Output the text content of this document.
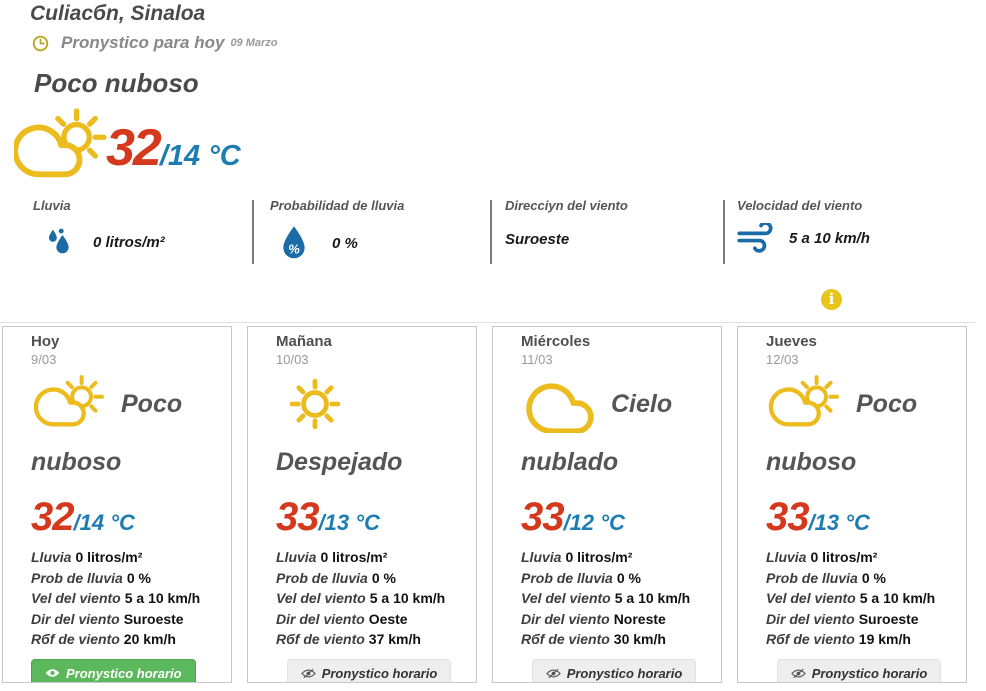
Culiacбn, Sinaloa
Pronystico para hoy 09 Marzo
Poco nuboso
32/14 °C
Lluvia
0 litros/m²
Probabilidad de lluvia
% 0 %
Direcciyn del viento
Suroeste
Velocidad del viento
5 a 10 km/h
i
Hoy
9/03
Poco nuboso
32/14 °C
Lluvia 0 litros/m²
Prob de lluvia 0 %
Vel del viento 5 a 10 km/h
Dir del viento Suroeste
Rбf de viento 20 km/h
Pronystico horario
Mañana
10/03
Despejado
33/13 °C
Lluvia 0 litros/m²
Prob de lluvia 0 %
Vel del viento 5 a 10 km/h
Dir del viento Oeste
Rбf de viento 37 km/h
Pronystico horario
Miércoles
11/03
Cielo nublado
33/12 °C
Lluvia 0 litros/m²
Prob de lluvia 0 %
Vel del viento 5 a 10 km/h
Dir del viento Noreste
Rбf de viento 30 km/h
Pronystico horario
Jueves
12/03
Poco nuboso
33/13 °C
Lluvia 0 litros/m²
Prob de lluvia 0 %
Vel del viento 5 a 10 km/h
Dir del viento Suroeste
Rбf de viento 19 km/h
Pronystico horario
